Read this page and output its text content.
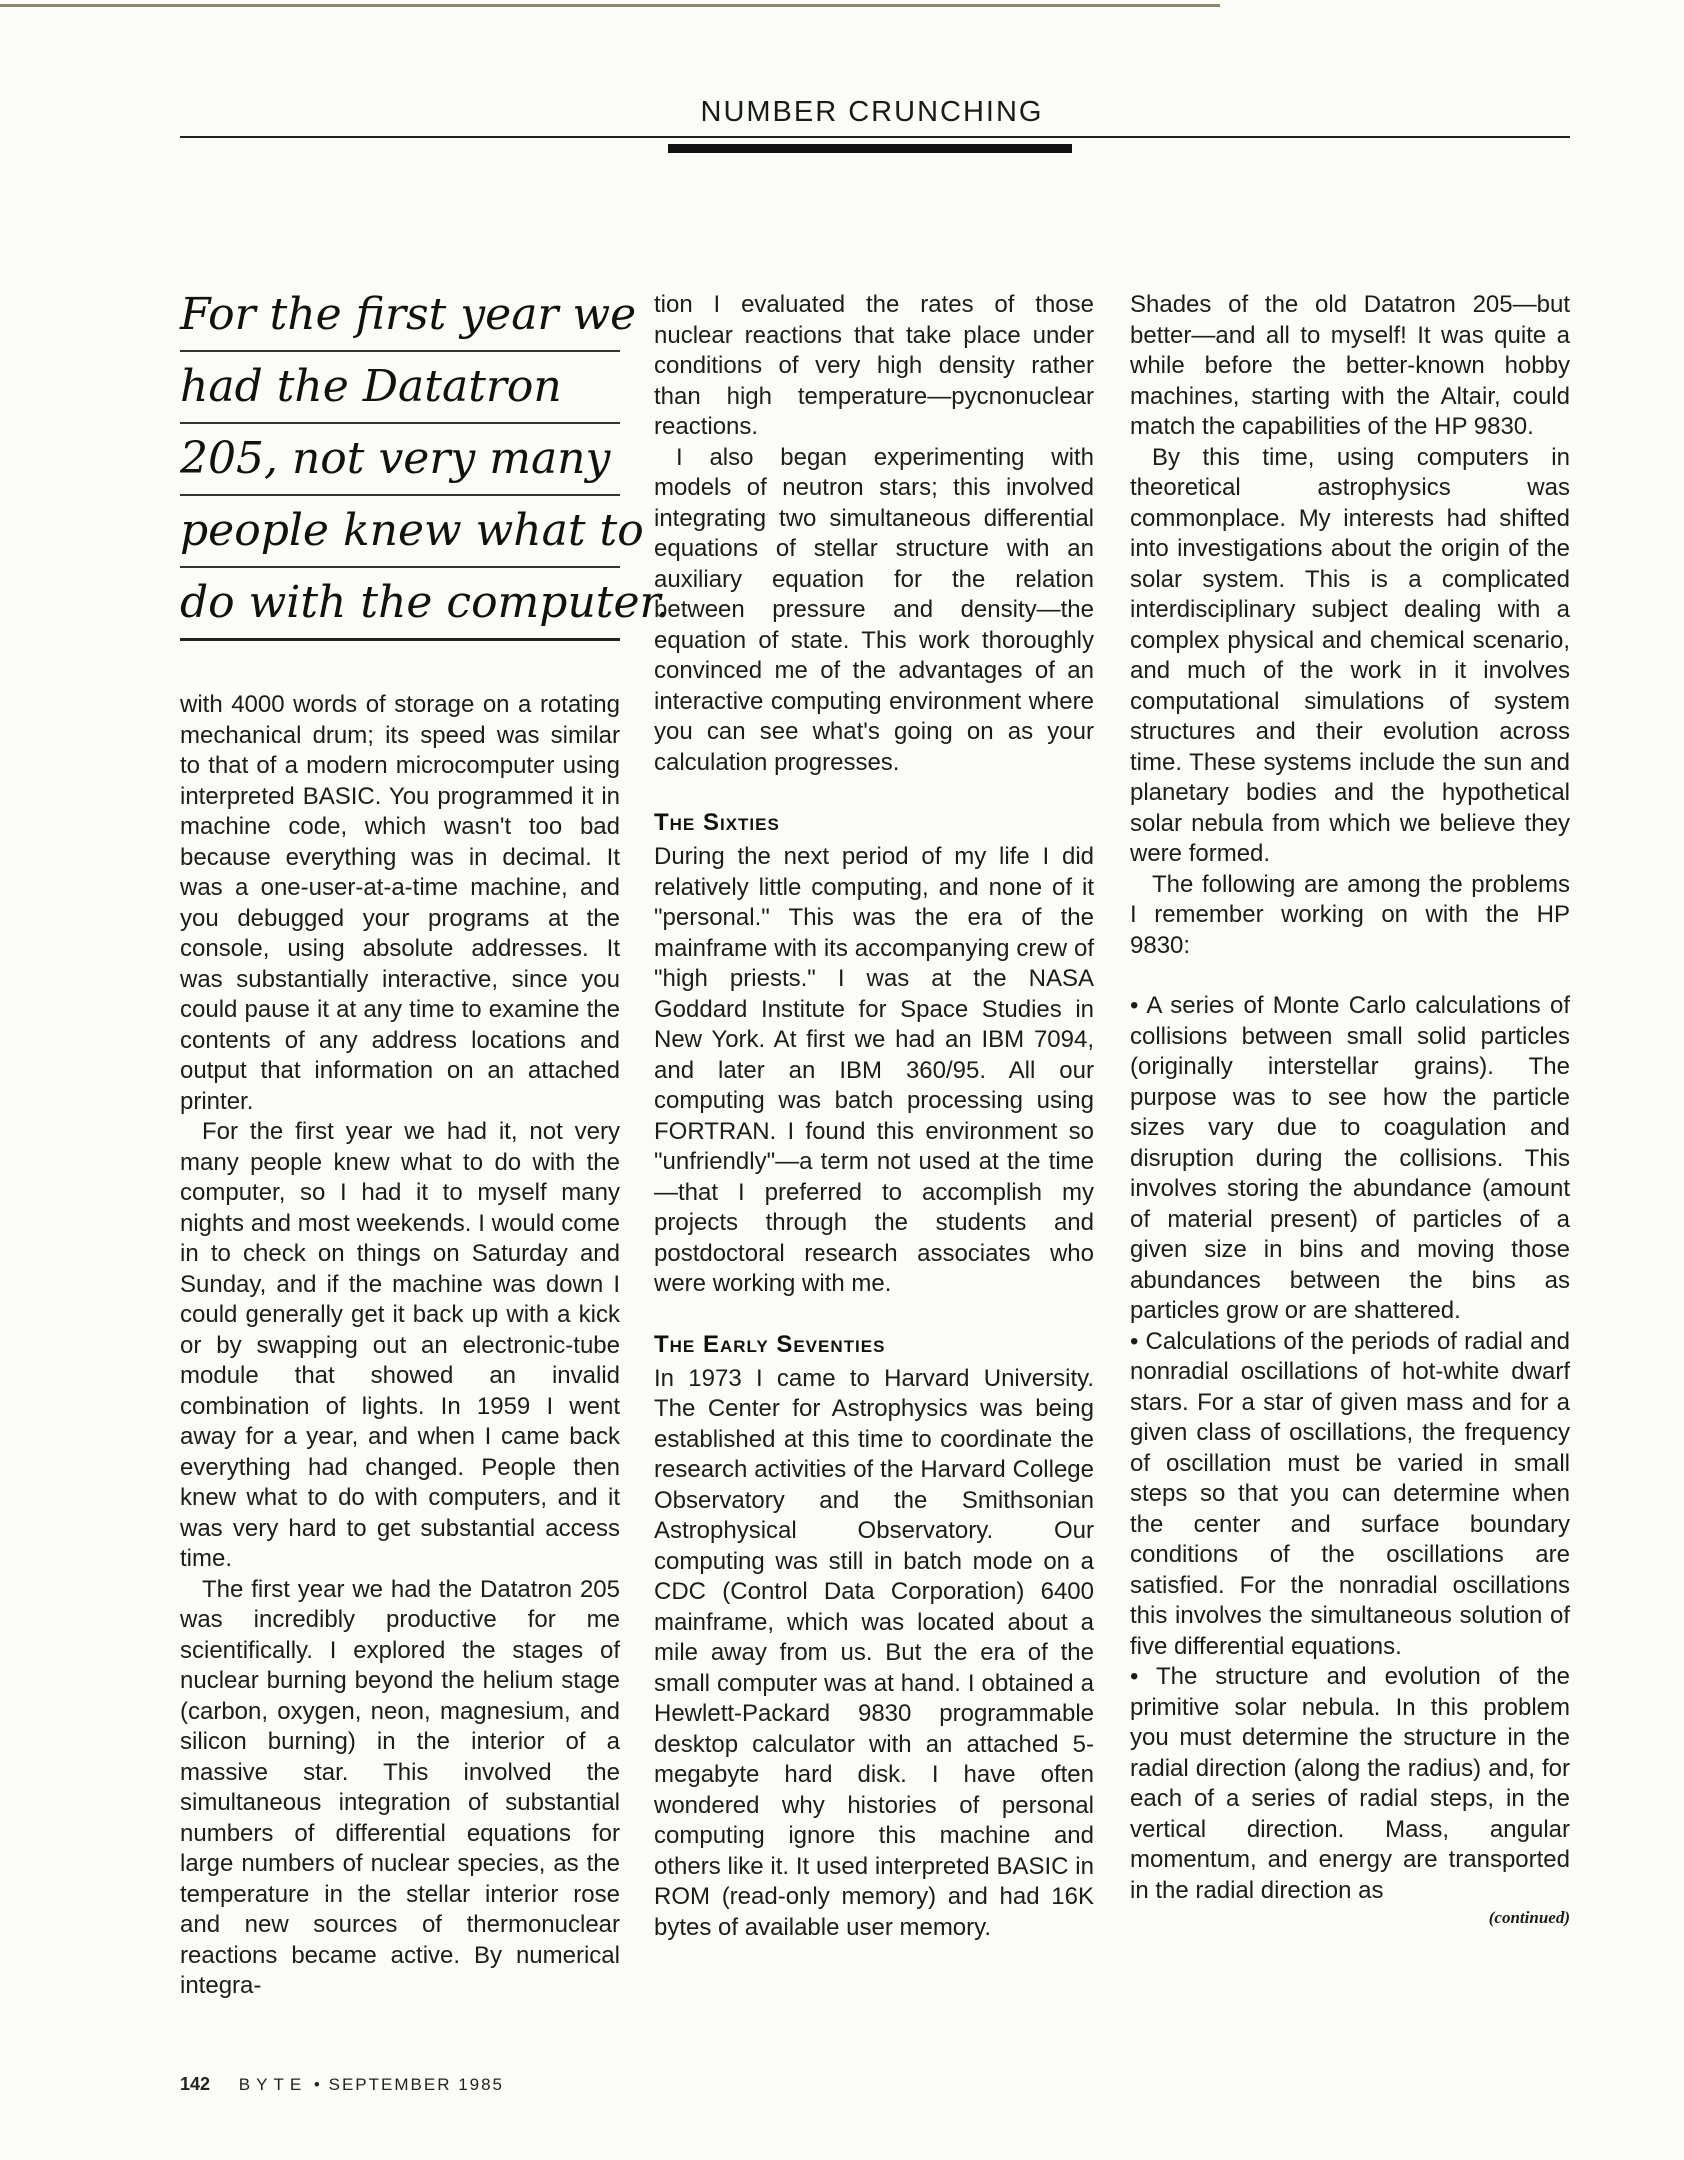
NUMBER CRUNCHING
For the first year we
had the Datatron
205, not very many
people knew what to
do with the computer.

with 4000 words of storage on a rotating mechanical drum; its speed was similar to that of a modern microcomputer using interpreted BASIC. You programmed it in machine code, which wasn't too bad because everything was in decimal. It was a one-user-at-a-time machine, and you debugged your programs at the console, using absolute addresses. It was substantially interactive, since you could pause it at any time to examine the contents of any address locations and output that information on an attached printer.

For the first year we had it, not very many people knew what to do with the computer, so I had it to myself many nights and most weekends. I would come in to check on things on Saturday and Sunday, and if the machine was down I could generally get it back up with a kick or by swapping out an electronic-tube module that showed an invalid combination of lights. In 1959 I went away for a year, and when I came back everything had changed. People then knew what to do with computers, and it was very hard to get substantial access time.

The first year we had the Datatron 205 was incredibly productive for me scientifically. I explored the stages of nuclear burning beyond the helium stage (carbon, oxygen, neon, magnesium, and silicon burning) in the interior of a massive star. This involved the simultaneous integration of substantial numbers of differential equations for large numbers of nuclear species, as the temperature in the stellar interior rose and new sources of thermonuclear reactions became active. By numerical integra-

tion I evaluated the rates of those nuclear reactions that take place under conditions of very high density rather than high temperature—pycnonuclear reactions.

I also began experimenting with models of neutron stars; this involved integrating two simultaneous differential equations of stellar structure with an auxiliary equation for the relation between pressure and density—the equation of state. This work thoroughly convinced me of the advantages of an interactive computing environment where you can see what's going on as your calculation progresses.

The Sixties

During the next period of my life I did relatively little computing, and none of it "personal." This was the era of the mainframe with its accompanying crew of "high priests." I was at the NASA Goddard Institute for Space Studies in New York. At first we had an IBM 7094, and later an IBM 360/95. All our computing was batch processing using FORTRAN. I found this environment so "unfriendly"—a term not used at the time—that I preferred to accomplish my projects through the students and postdoctoral research associates who were working with me.

The Early Seventies

In 1973 I came to Harvard University. The Center for Astrophysics was being established at this time to coordinate the research activities of the Harvard College Observatory and the Smithsonian Astrophysical Observatory. Our computing was still in batch mode on a CDC (Control Data Corporation) 6400 mainframe, which was located about a mile away from us. But the era of the small computer was at hand. I obtained a Hewlett-Packard 9830 programmable desktop calculator with an attached 5-megabyte hard disk. I have often wondered why histories of personal computing ignore this machine and others like it. It used interpreted BASIC in ROM (read-only memory) and had 16K bytes of available user memory.

Shades of the old Datatron 205—but better—and all to myself! It was quite a while before the better-known hobby machines, starting with the Altair, could match the capabilities of the HP 9830.

By this time, using computers in theoretical astrophysics was commonplace. My interests had shifted into investigations about the origin of the solar system. This is a complicated interdisciplinary subject dealing with a complex physical and chemical scenario, and much of the work in it involves computational simulations of system structures and their evolution across time. These systems include the sun and planetary bodies and the hypothetical solar nebula from which we believe they were formed.

The following are among the problems I remember working on with the HP 9830:

• A series of Monte Carlo calculations of collisions between small solid particles (originally interstellar grains). The purpose was to see how the particle sizes vary due to coagulation and disruption during the collisions. This involves storing the abundance (amount of material present) of particles of a given size in bins and moving those abundances between the bins as particles grow or are shattered.

• Calculations of the periods of radial and nonradial oscillations of hot-white dwarf stars. For a star of given mass and for a given class of oscillations, the frequency of oscillation must be varied in small steps so that you can determine when the center and surface boundary conditions of the oscillations are satisfied. For the nonradial oscillations this involves the simultaneous solution of five differential equations.

• The structure and evolution of the primitive solar nebula. In this problem you must determine the structure in the radial direction (along the radius) and, for each of a series of radial steps, in the vertical direction. Mass, angular momentum, and energy are transported in the radial direction as

(continued)
142 BYTE • SEPTEMBER 1985
